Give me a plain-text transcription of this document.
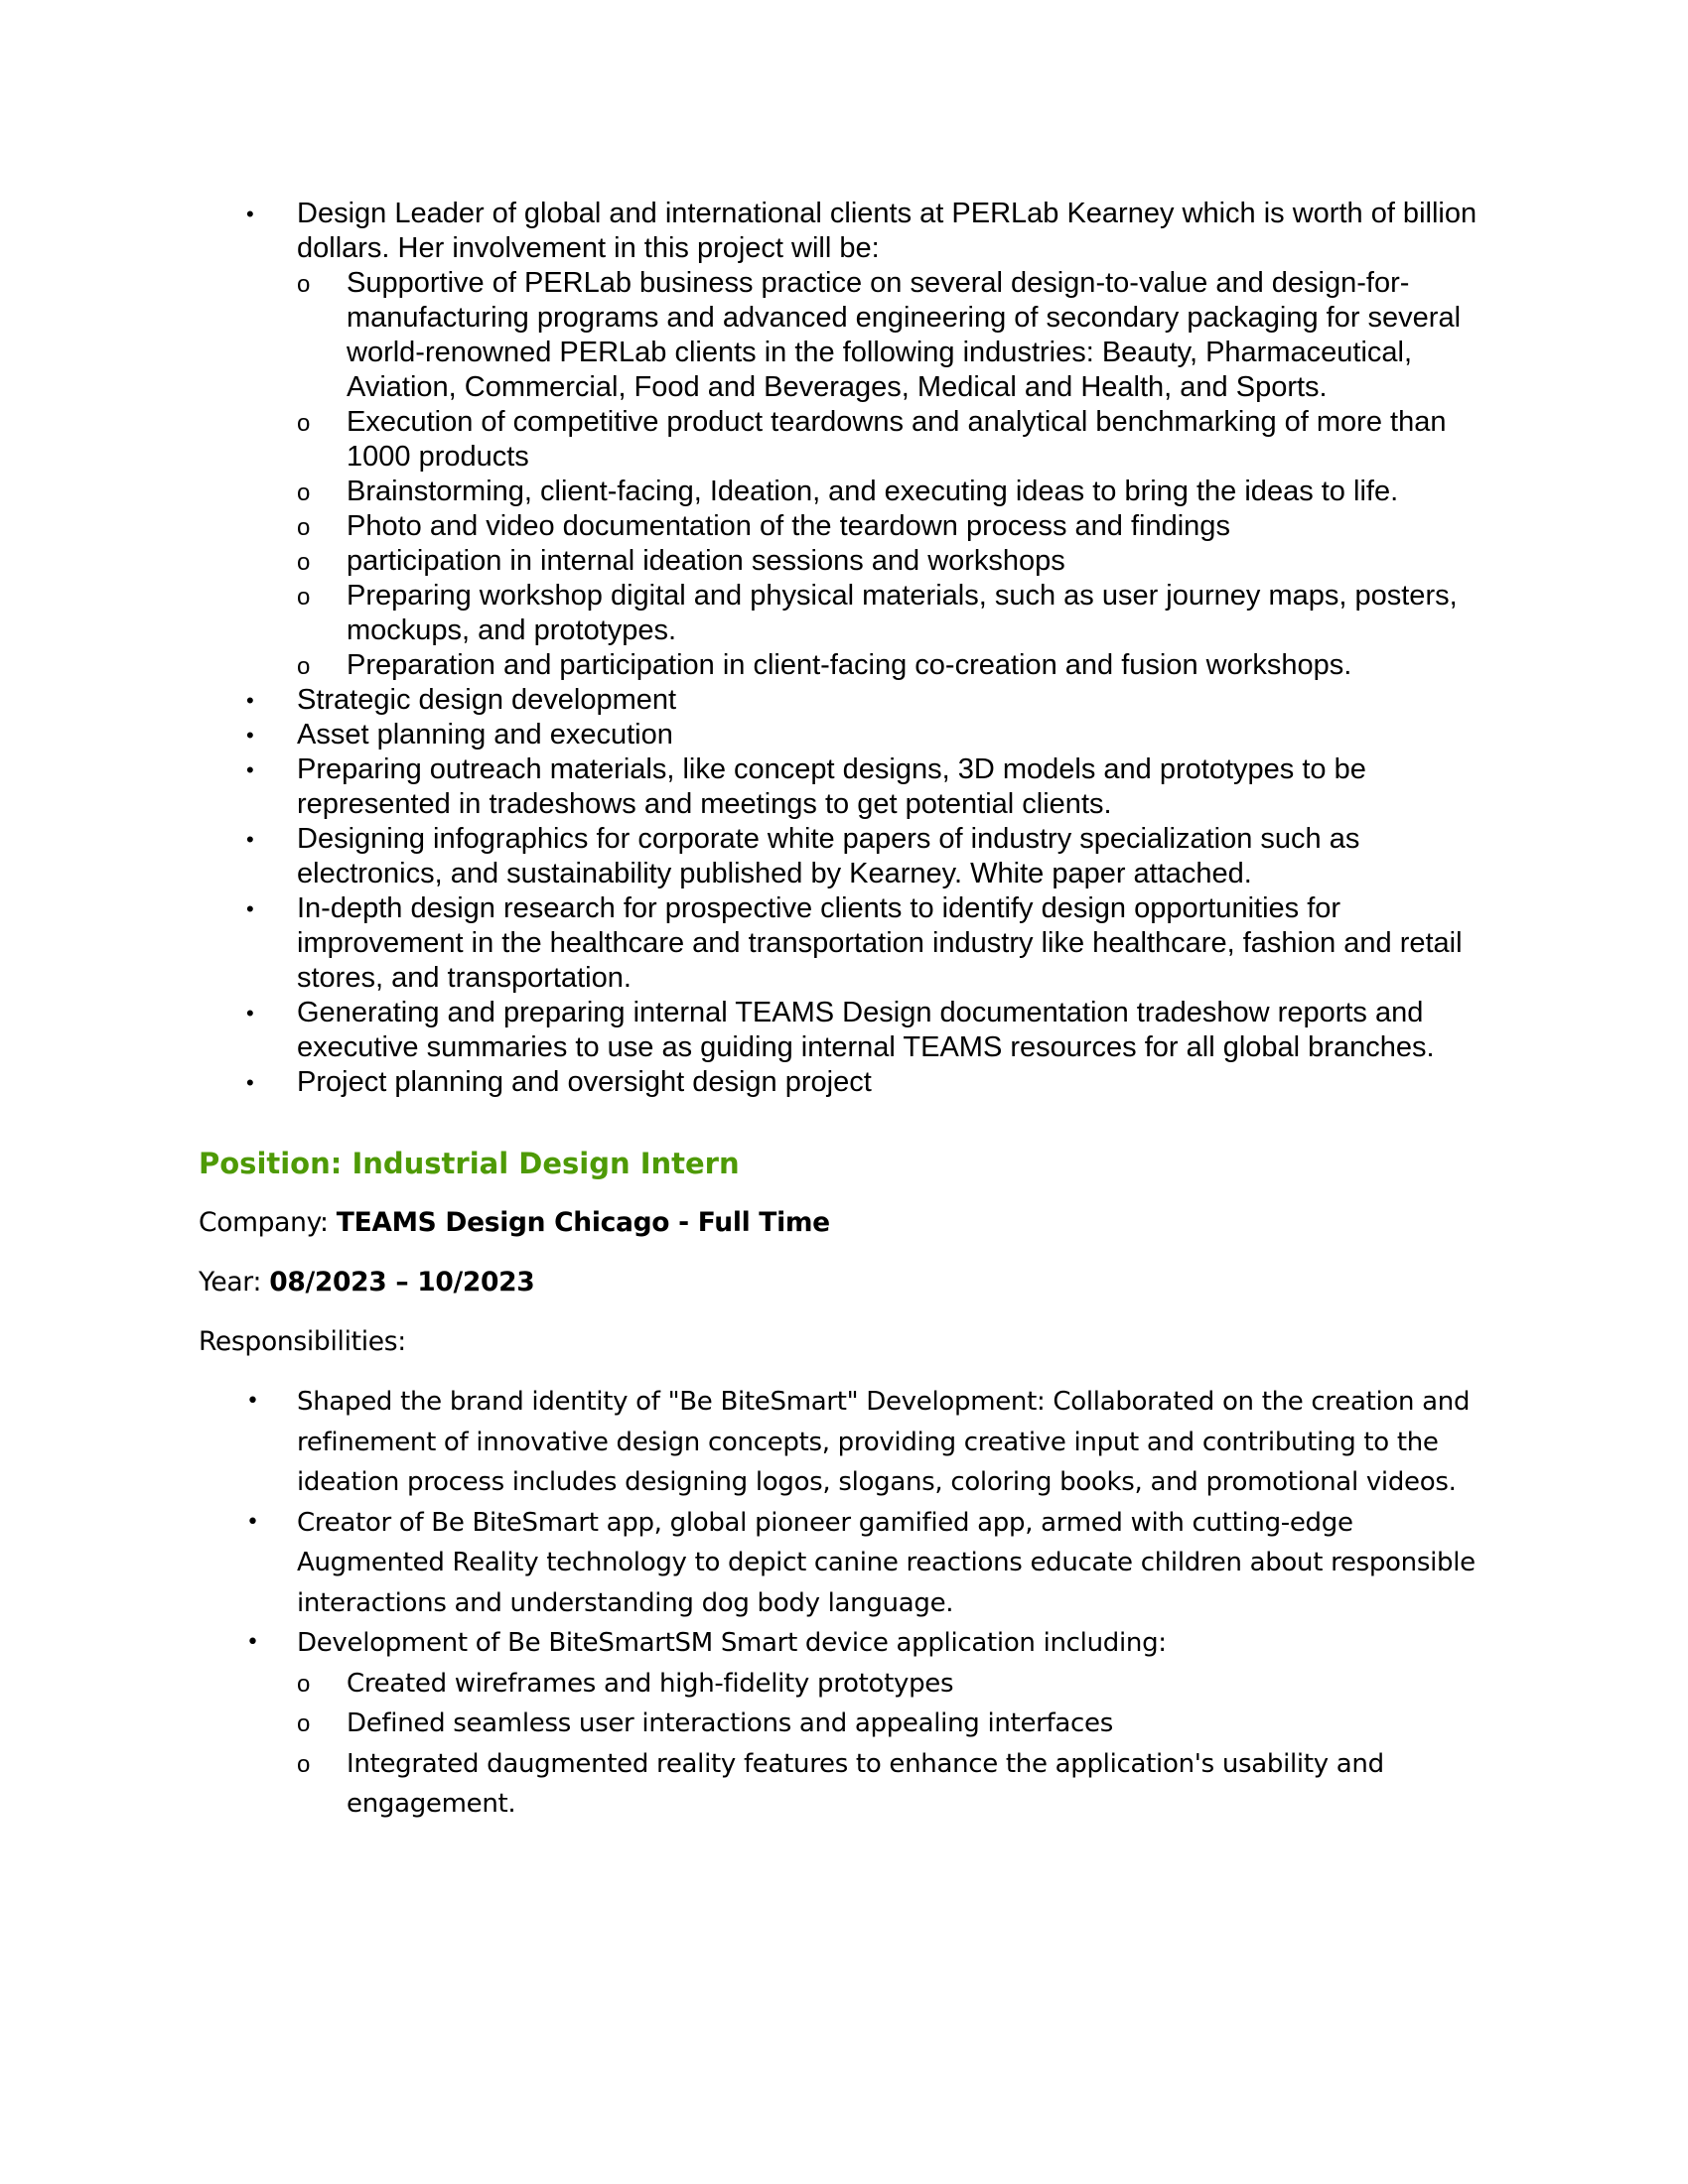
• Design Leader of global and international clients at PERLab Kearney which is worth of billion dollars. Her involvement in this project will be:
o Supportive of PERLab business practice on several design-to-value and design-for-manufacturing programs and advanced engineering of secondary packaging for several world-renowned PERLab clients in the following industries: Beauty, Pharmaceutical, Aviation, Commercial, Food and Beverages, Medical and Health, and Sports.
o Execution of competitive product teardowns and analytical benchmarking of more than 1000 products
o Brainstorming, client-facing, Ideation, and executing ideas to bring the ideas to life.
o Photo and video documentation of the teardown process and findings
o participation in internal ideation sessions and workshops
o Preparing workshop digital and physical materials, such as user journey maps, posters, mockups, and prototypes.
o Preparation and participation in client-facing co-creation and fusion workshops.
• Strategic design development
• Asset planning and execution
• Preparing outreach materials, like concept designs, 3D models and prototypes to be represented in tradeshows and meetings to get potential clients.
• Designing infographics for corporate white papers of industry specialization such as electronics, and sustainability published by Kearney. White paper attached.
• In-depth design research for prospective clients to identify design opportunities for improvement in the healthcare and transportation industry like healthcare, fashion and retail stores, and transportation.
• Generating and preparing internal TEAMS Design documentation tradeshow reports and executive summaries to use as guiding internal TEAMS resources for all global branches.
• Project planning and oversight design project
Position: Industrial Design Intern
Company: TEAMS Design Chicago - Full Time
Year: 08/2023 – 10/2023
Responsibilities:
• Shaped the brand identity of "Be BiteSmart" Development: Collaborated on the creation and refinement of innovative design concepts, providing creative input and contributing to the ideation process includes designing logos, slogans, coloring books, and promotional videos.
• Creator of Be BiteSmart app, global pioneer gamified app, armed with cutting-edge Augmented Reality technology to depict canine reactions educate children about responsible interactions and understanding dog body language.
• Development of Be BiteSmartSM Smart device application including:
o Created wireframes and high-fidelity prototypes
o Defined seamless user interactions and appealing interfaces
o Integrated daugmented reality features to enhance the application's usability and engagement.
